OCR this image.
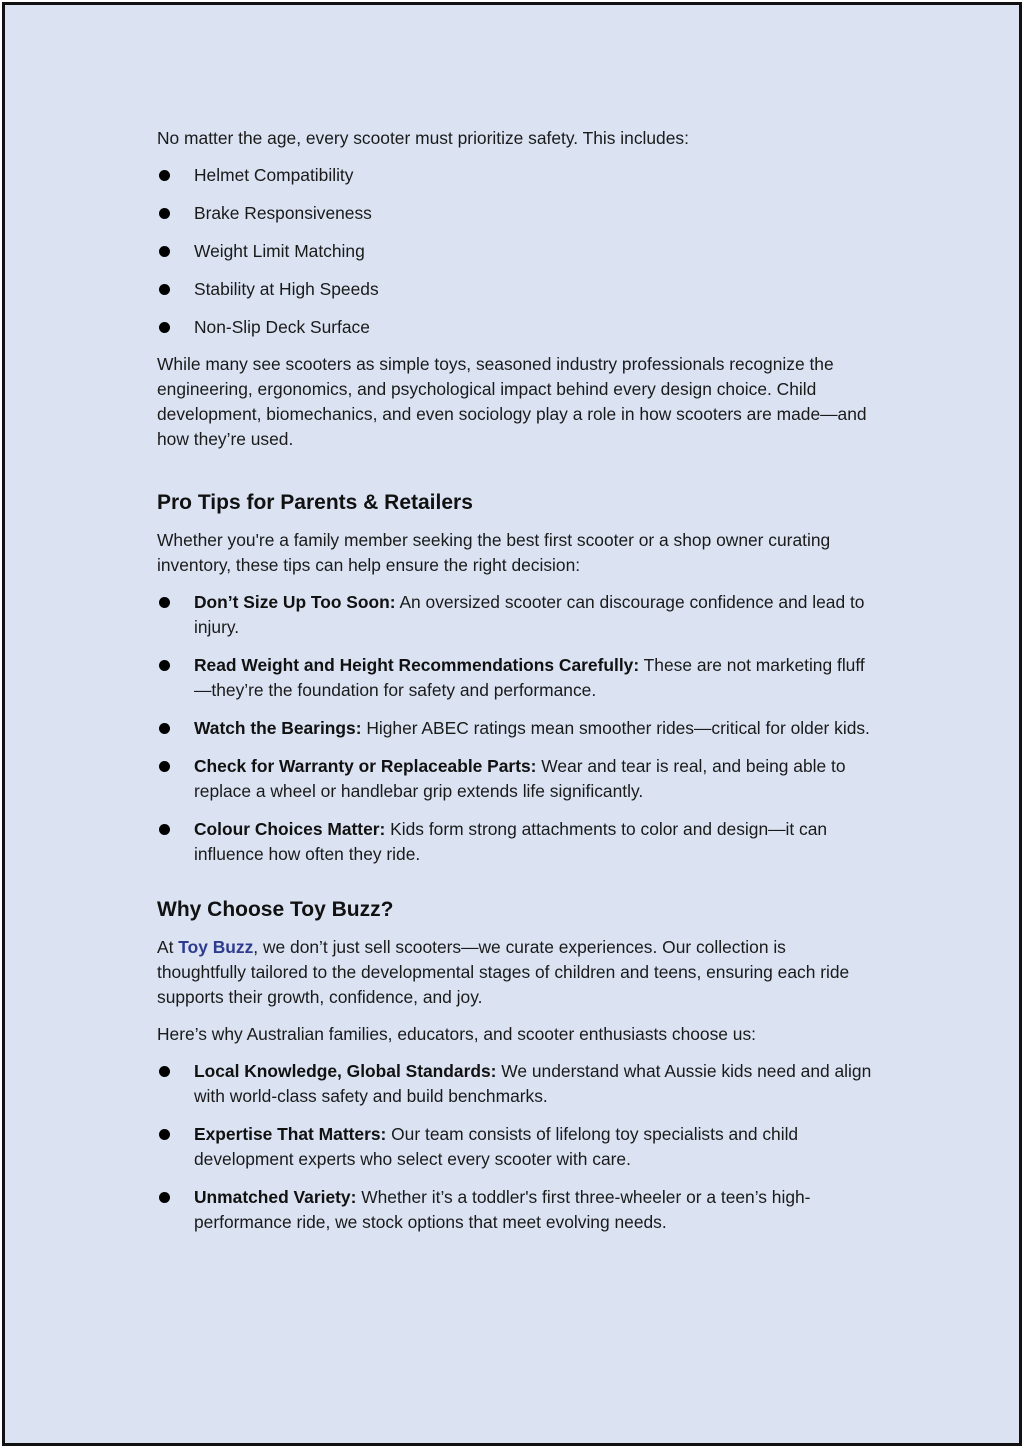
No matter the age, every scooter must prioritize safety. This includes:

Helmet Compatibility
Brake Responsiveness
Weight Limit Matching
Stability at High Speeds
Non-Slip Deck Surface

While many see scooters as simple toys, seasoned industry professionals recognize the engineering, ergonomics, and psychological impact behind every design choice. Child development, biomechanics, and even sociology play a role in how scooters are made—and how they’re used.

Pro Tips for Parents & Retailers

Whether you're a family member seeking the best first scooter or a shop owner curating inventory, these tips can help ensure the right decision:

Don’t Size Up Too Soon: An oversized scooter can discourage confidence and lead to injury.
Read Weight and Height Recommendations Carefully: These are not marketing fluff—they’re the foundation for safety and performance.
Watch the Bearings: Higher ABEC ratings mean smoother rides—critical for older kids.
Check for Warranty or Replaceable Parts: Wear and tear is real, and being able to replace a wheel or handlebar grip extends life significantly.
Colour Choices Matter: Kids form strong attachments to color and design—it can influence how often they ride.
Why Choose Toy Buzz?

At Toy Buzz, we don’t just sell scooters—we curate experiences. Our collection is thoughtfully tailored to the developmental stages of children and teens, ensuring each ride supports their growth, confidence, and joy.

Here’s why Australian families, educators, and scooter enthusiasts choose us:

Local Knowledge, Global Standards: We understand what Aussie kids need and align with world-class safety and build benchmarks.
Expertise That Matters: Our team consists of lifelong toy specialists and child development experts who select every scooter with care.
Unmatched Variety: Whether it’s a toddler's first three-wheeler or a teen’s high-performance ride, we stock options that meet evolving needs.
